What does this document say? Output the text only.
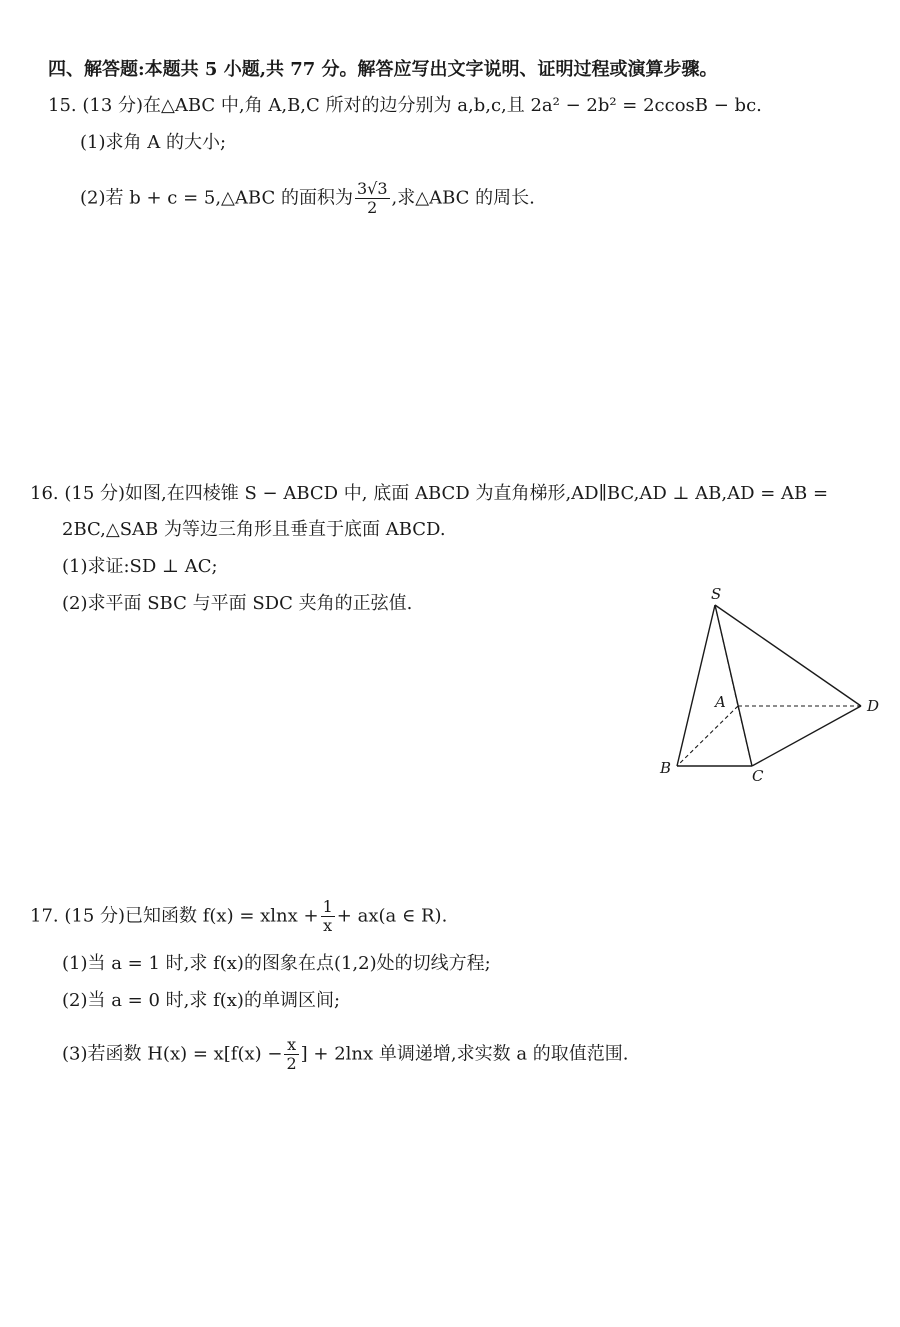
四、解答题:本题共 5 小题,共 77 分。解答应写出文字说明、证明过程或演算步骤。
15. (13 分)在△ABC 中,角 A,B,C 所对的边分别为 a,b,c,且 2a² − 2b² = 2ccosB − bc.
(1)求角 A 的大小;
(2)若 b + c = 5,△ABC 的面积为 $\frac{3√3}{2}$ ,求△ABC 的周长.
16. (15 分)如图,在四棱锥 S − ABCD 中, 底面 ABCD 为直角梯形,AD∥BC,AD ⊥ AB,AD = AB =
2BC,△SAB 为等边三角形且垂直于底面 ABCD.
(1)求证:SD ⊥ AC;
(2)求平面 SBC 与平面 SDC 夹角的正弦值.	S
A
B	C
D
17. (15 分)已知函数 $f(x) = xlnx + \frac{1}{x} + ax(a$ ∈ R).
(1)当 a = 1 时,求 f(x)的图象在点(1,2)处的切线方程;
(2)当 a = 0 时,求 f(x)的单调区间;
(3)若函数 $H(x) = x[f(x) - \frac{x}{2}$ ] + 2lnx 单调递增,求实数 a 的取值范围.
